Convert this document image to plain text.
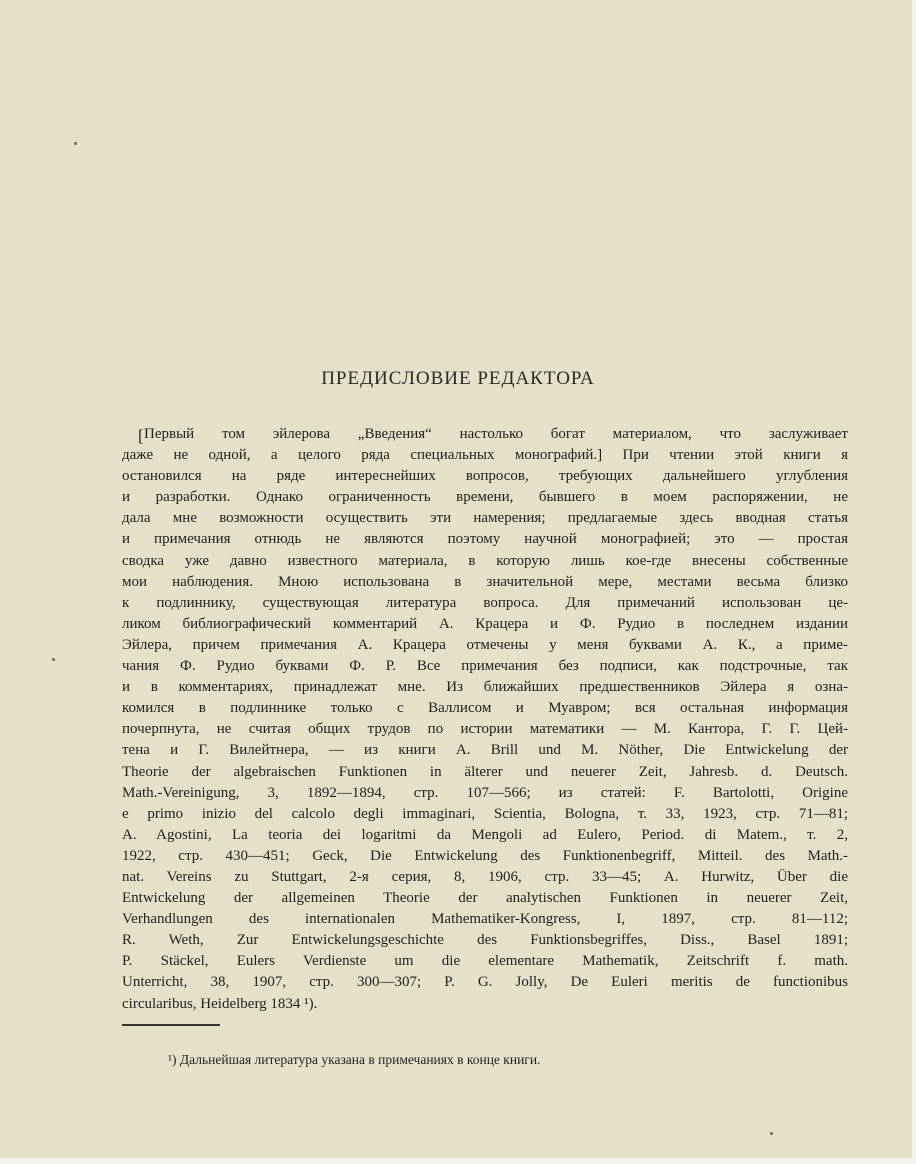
ПРЕДИСЛОВИЕ РЕДАКТОРА
[ Первый том эйлерова „Введения“ настолько богат материалом, что заслуживает
даже не одной, а целого ряда специальных монографий.] При чтении этой книги я
остановился на ряде интереснейших вопросов, требующих дальнейшего углубления
и разработки. Однако ограниченность времени, бывшего в моем распоряжении, не
дала мне возможности осуществить эти намерения; предлагаемые здесь вводная статья
и примечания отнюдь не являются поэтому научной монографией; это — простая
сводка уже давно известного материала, в которую лишь кое-где внесены собственные
мои наблюдения. Мною использована в значительной мере, местами весьма близко
к подлиннику, существующая литература вопроса. Для примечаний использован це-
ликом библиографический комментарий А. Крацера и Ф. Рудио в последнем издании
Эйлера, причем примечания А. Крацера отмечены у меня буквами А. К., а приме-
чания Ф. Рудио буквами Ф. Р. Все примечания без подписи, как подстрочные, так
и в комментариях, принадлежат мне. Из ближайших предшественников Эйлера я озна-
комился в подлиннике только с Валлисом и Муавром; вся остальная информация
почерпнута, не считая общих трудов по истории математики — М. Кантора, Г. Г. Цей-
тена и Г. Вилейтнера, — из книги A. Brill und M. Nöther, Die Entwickelung der
Theorie der algebraischen Funktionen in älterer und neuerer Zeit, Jahresb. d. Deutsch.
Math.-Vereinigung, 3, 1892—1894, стр. 107—566; из статей: F. Bartolotti, Origine
e primo inizio del calcolo degli immaginari, Scientia, Bologna, т. 33, 1923, стр. 71—81;
A. Agostini, La teoria dei logaritmi da Mengoli ad Eulero, Period. di Matem., т. 2,
1922, стр. 430—451; Geck, Die Entwickelung des Funktionenbegriff, Mitteil. des Math.-
nat. Vereins zu Stuttgart, 2-я серия, 8, 1906, стр. 33—45; A. Hurwitz, Über die
Entwickelung der allgemeinen Theorie der analytischen Funktionen in neuerer Zeit,
Verhandlungen des internationalen Mathematiker-Kongress, I, 1897, стр. 81—112;
R. Weth, Zur Entwickelungsgeschichte des Funktionsbegriffes, Diss., Basel 1891;
P. Stäckel, Eulers Verdienste um die elementare Mathematik, Zeitschrift f. math.
Unterricht, 38, 1907, стр. 300—307; P. G. Jolly, De Euleri meritis de functionibus
circularibus, Heidelberg 1834 ¹).
¹) Дальнейшая литература указана в примечаниях в конце книги.
